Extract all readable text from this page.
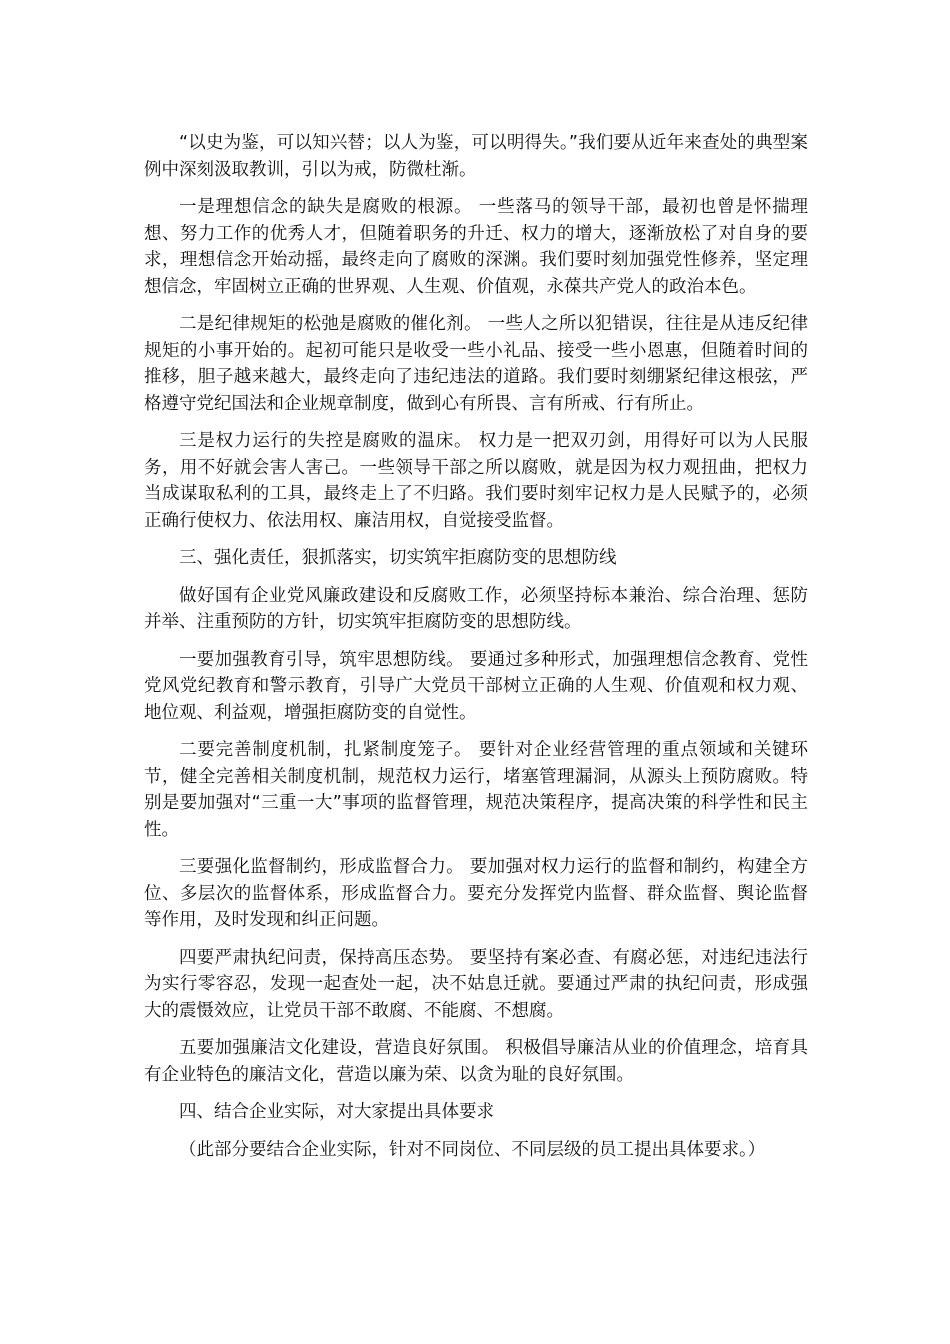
“以史为鉴，可以知兴替；以人为鉴，可以明得失。”我们要从近年来查处的典型案例中深刻汲取教训，引以为戒，防微杜渐。

一是理想信念的缺失是腐败的根源。 一些落马的领导干部，最初也曾是怀揣理想、努力工作的优秀人才，但随着职务的升迁、权力的增大，逐渐放松了对自身的要求，理想信念开始动摇，最终走向了腐败的深渊。我们要时刻加强党性修养，坚定理想信念，牢固树立正确的世界观、人生观、价值观，永葆共产党人的政治本色。

二是纪律规矩的松弛是腐败的催化剂。 一些人之所以犯错误，往往是从违反纪律规矩的小事开始的。起初可能只是收受一些小礼品、接受一些小恩惠，但随着时间的推移，胆子越来越大，最终走向了违纪违法的道路。我们要时刻绷紧纪律这根弦，严格遵守党纪国法和企业规章制度，做到心有所畏、言有所戒、行有所止。

三是权力运行的失控是腐败的温床。 权力是一把双刃剑，用得好可以为人民服务，用不好就会害人害己。一些领导干部之所以腐败，就是因为权力观扭曲，把权力当成谋取私利的工具，最终走上了不归路。我们要时刻牢记权力是人民赋予的，必须正确行使权力、依法用权、廉洁用权，自觉接受监督。

三、强化责任，狠抓落实，切实筑牢拒腐防变的思想防线

做好国有企业党风廉政建设和反腐败工作，必须坚持标本兼治、综合治理、惩防并举、注重预防的方针，切实筑牢拒腐防变的思想防线。

一要加强教育引导，筑牢思想防线。 要通过多种形式，加强理想信念教育、党性党风党纪教育和警示教育，引导广大党员干部树立正确的人生观、价值观和权力观、地位观、利益观，增强拒腐防变的自觉性。

二要完善制度机制，扎紧制度笼子。 要针对企业经营管理的重点领域和关键环节，健全完善相关制度机制，规范权力运行，堵塞管理漏洞，从源头上预防腐败。特别是要加强对“三重一大”事项的监督管理，规范决策程序，提高决策的科学性和民主性。

三要强化监督制约，形成监督合力。 要加强对权力运行的监督和制约，构建全方位、多层次的监督体系，形成监督合力。要充分发挥党内监督、群众监督、舆论监督等作用，及时发现和纠正问题。

四要严肃执纪问责，保持高压态势。 要坚持有案必查、有腐必惩，对违纪违法行为实行零容忍，发现一起查处一起，决不姑息迁就。要通过严肃的执纪问责，形成强大的震慑效应，让党员干部不敢腐、不能腐、不想腐。

五要加强廉洁文化建设，营造良好氛围。 积极倡导廉洁从业的价值理念，培育具有企业特色的廉洁文化，营造以廉为荣、以贪为耻的良好氛围。

四、结合企业实际，对大家提出具体要求

（此部分要结合企业实际，针对不同岗位、不同层级的员工提出具体要求。）
